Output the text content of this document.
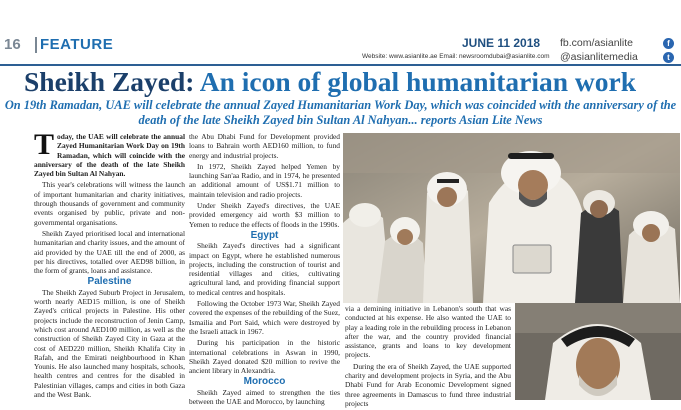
16 FEATURE	JUNE 11 2018
Website: www.asianlite.ae Email: newsroomdubai@asianlite.com
fb.com/asianlite
@asianlitemedia
f
t
Sheikh Zayed: An icon of global humanitarian work
On 19th Ramadan, UAE will celebrate the annual Zayed Humanitarian Work Day, which was coincided with the anniversary of the death of the late Sheikh Zayed bin Sultan Al Nahyan... reports Asian Lite News

Today, the UAE will celebrate the annual Zayed Humanitarian Work Day on 19th Ramadan, which will coincide with the anniversary of the death of the late Sheikh Zayed bin Sultan Al Nahyan.

This year's celebrations will witness the launch of important humanitarian and charity initiatives, through thousands of government and community events organised by public, private and non-governmental organisations.

Sheikh Zayed prioritised local and international humanitarian and charity issues, and the amount of aid provided by the UAE till the end of 2000, as per his directives, totalled over AED98 billion, in the form of grants, loans and assistance.

Palestine

The Sheikh Zayed Suburb Project in Jerusalem, worth nearly AED15 million, is one of Sheikh Zayed's critical projects in Palestine. His other projects include the reconstruction of Jenin Camp, which cost around AED100 million, as well as the construction of Sheikh Zayed City in Gaza at the cost of AED220 million, Sheikh Khalifa City in Rafah, and the Emirati neighbourhood in Khan Younis. He also launched many hospitals, schools, health centres and centres for the disabled in Palestinian villages, camps and cities in both Gaza and the West Bank.

the Abu Dhabi Fund for Development provided loans to Bahrain worth AED160 million, to fund energy and industrial projects.

In 1972, Sheikh Zayed helped Yemen by launching San'aa Radio, and in 1974, he presented an additional amount of US$1.71 million to maintain television and radio projects.

Under Sheikh Zayed's directives, the UAE provided emergency aid worth $3 million to Yemen to reduce the effects of floods in the 1990s.

Egypt

Sheikh Zayed's directives had a significant impact on Egypt, where he established numerous projects, including the construction of tourist and residential villages and cities, cultivating agricultural land, and providing financial support to medical centres and hospitals.

Following the October 1973 War, Sheikh Zayed covered the expenses of the rebuilding of the Suez, Ismailia and Port Said, which were destroyed by the Israeli attack in 1967.

During his participation in the historic international celebrations in Aswan in 1990, Sheikh Zayed donated $20 million to revive the ancient library in Alexandria.

Morocco

Sheikh Zayed aimed to strengthen the ties between the UAE and Morocco, by launching

via a demining initiative in Lebanon's south that was conducted at his expense. He also wanted the UAE to play a leading role in the rebuilding process in Lebanon after the war, and the country provided financial assistance, grants and loans to key development projects.

During the era of Sheikh Zayed, the UAE supported charity and development projects in Syria, and the Abu Dhabi Fund for Arab Economic Development signed three agreements in Damascus to fund three industrial projects
